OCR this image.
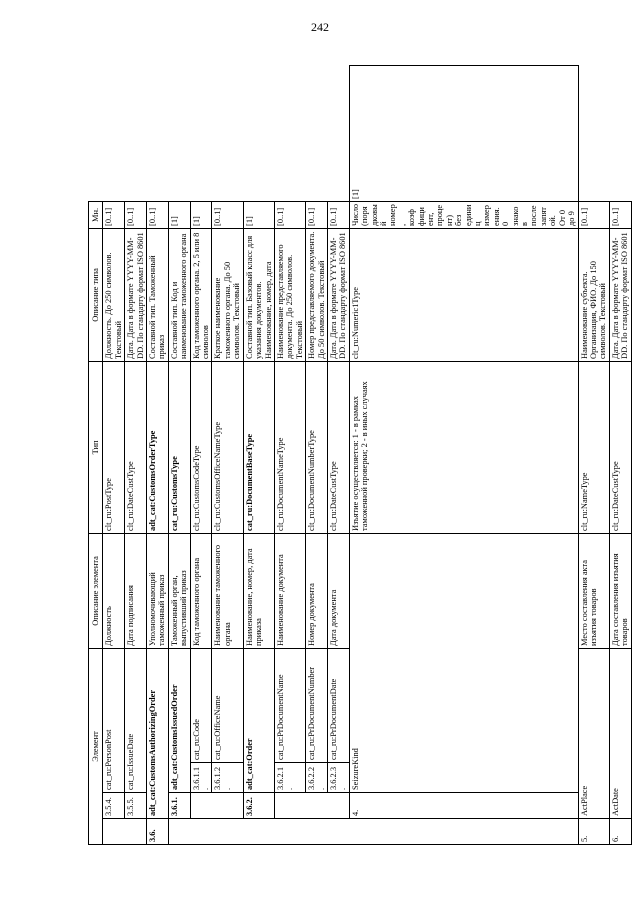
242
Элемент				Описание элемента	Тип	Описание типа	Мн.	
	3.5.4.	cat_ru:PersonPost		Должность	clt_ru:PostType	Должность. До 250 символов. Текстовый	[0..1]	
	3.5.5.	cat_ru:IssueDate		Дата подписания	clt_ru:DateCustType	Дата. Дата в формате YYYY-MM-DD. По стандарту формат ISO 8601	[0..1]	
3.6.	adt_cat:CustomsAuthorizingOrder			Уполномочивающий таможенный приказ	adt_cat:CustomsOrderType	Составной тип. Таможенный приказ	[0..1]	
	3.6.1.	adt_cat:CustomsIssuedOrder		Таможенный орган, выпустивший приказ	cat_ru:CustomsType	Составной тип. Код и наименование таможенного органа	[1]	
		3.6.1.1.	cat_ru:Code	Код таможенного органа	clt_ru:CustomsCodeType	Код таможенного органа. 2, 5 или 8 символов	[1]	
		3.6.1.2.	cat_ru:OfficeName	Наименование таможенного органа	clt_ru:CustomsOfficeNameType	Краткое наименование таможенного органа. До 50 символов. Текстовый	[0..1]	
	3.6.2.	adt_cat:Order		Наименование, номер, дата приказа	cat_ru:DocumentBaseType	Составной тип. Базовый класс для указания документов. Наименование, номер, дата	[1]	
		3.6.2.1.	cat_ru:PrDocumentName	Наименование документа	clt_ru:DocumentNameType	Наименование представляемого документа. До 250 символов. Текстовый	[0..1]	
		3.6.2.2.	cat_ru:PrDocumentNumber	Номер документа	clt_ru:DocumentNumberType	Номер представляемого документа. До 50 символов. Текстовый	[0..1]	
		3.6.2.3.	cat_ru:PrDocumentDate	Дата документа	clt_ru:DateCustType	Дата. Дата в формате YYYY-MM-DD. По стандарту формат ISO 8601	[0..1]	
	4.	SeizureKind			Изъятие осуществляется: 1 - в рамках таможенной проверки; 2 - в иных случаях	clt_ru:Numeric1Type	Число (порядковый номер, коэффициент, процент) без единиц измерения. 0 знаков после запятой. От 0 до 9	[1]
5.	ActPlace			Место составления акта изъятия товаров	clt_ru:NameType	Наименование субъекта. Организация, ФИО. До 150 символов. Текстовый	[0..1]	
6.	ActDate			Дата составления изъятия товаров	clt_ru:DateCustType	Дата. Дата в формате YYYY-MM-DD. По стандарту формат ISO 8601	[0..1]	
